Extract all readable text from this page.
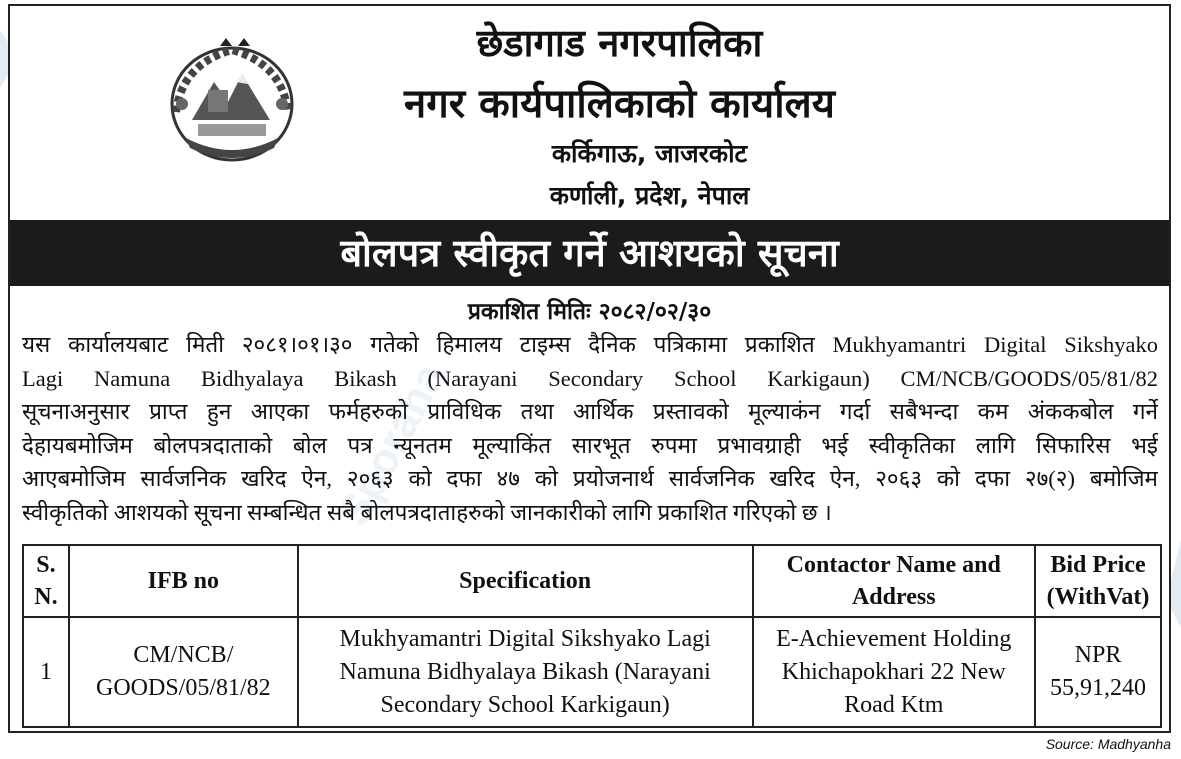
छेडागाड नगरपालिका
नगर कार्यपालिकाको कार्यालय
कर्किगाऊ, जाजरकोट
कर्णाली, प्रदेश, नेपाल
बोलपत्र स्वीकृत गर्ने आशयको सूचना
प्रकाशित मितिः २०८२/०२/३०
Sporaha
यस कार्यालयबाट मिती २०८१।०१।३० गतेको हिमालय टाइम्स दैनिक पत्रिकामा प्रकाशित Mukhyamantri Digital Sikshyako
Lagi Namuna Bidhyalaya Bikash (Narayani Secondary School Karkigaun) CM/NCB/GOODS/05/81/82
सूचनाअनुसार प्राप्त हुन आएका फर्महरुको प्राविधिक तथा आर्थिक प्रस्तावको मूल्याकंन गर्दा सबैभन्दा कम अंककबोल गर्ने
देहायबमोजिम बोलपत्रदाताको बोल पत्र न्यूनतम मूल्याकिंत सारभूत रुपमा प्रभावग्राही भई स्वीकृतिका लागि सिफारिस भई
आएबमोजिम सार्वजनिक खरिद ऐन, २०६३ को दफा ४७ को प्रयोजनार्थ सार्वजनिक खरिद ऐन, २०६३ को दफा २७(२) बमोजिम
स्वीकृतिको आशयको सूचना सम्बन्धित सबै बोलपत्रदाताहरुको जानकारीको लागि प्रकाशित गरिएको छ ।
S. N.	IFB no	Specification	Contactor Name and Address	Bid Price (WithVat)
1	CM/NCB/ GOODS/05/81/82	Mukhyamantri Digital Sikshyako Lagi Namuna Bidhyalaya Bikash (Narayani Secondary School Karkigaun)	E-Achievement Holding Khichapokhari 22 New Road Ktm	NPR 55,91,240
Source: Madhyanha
